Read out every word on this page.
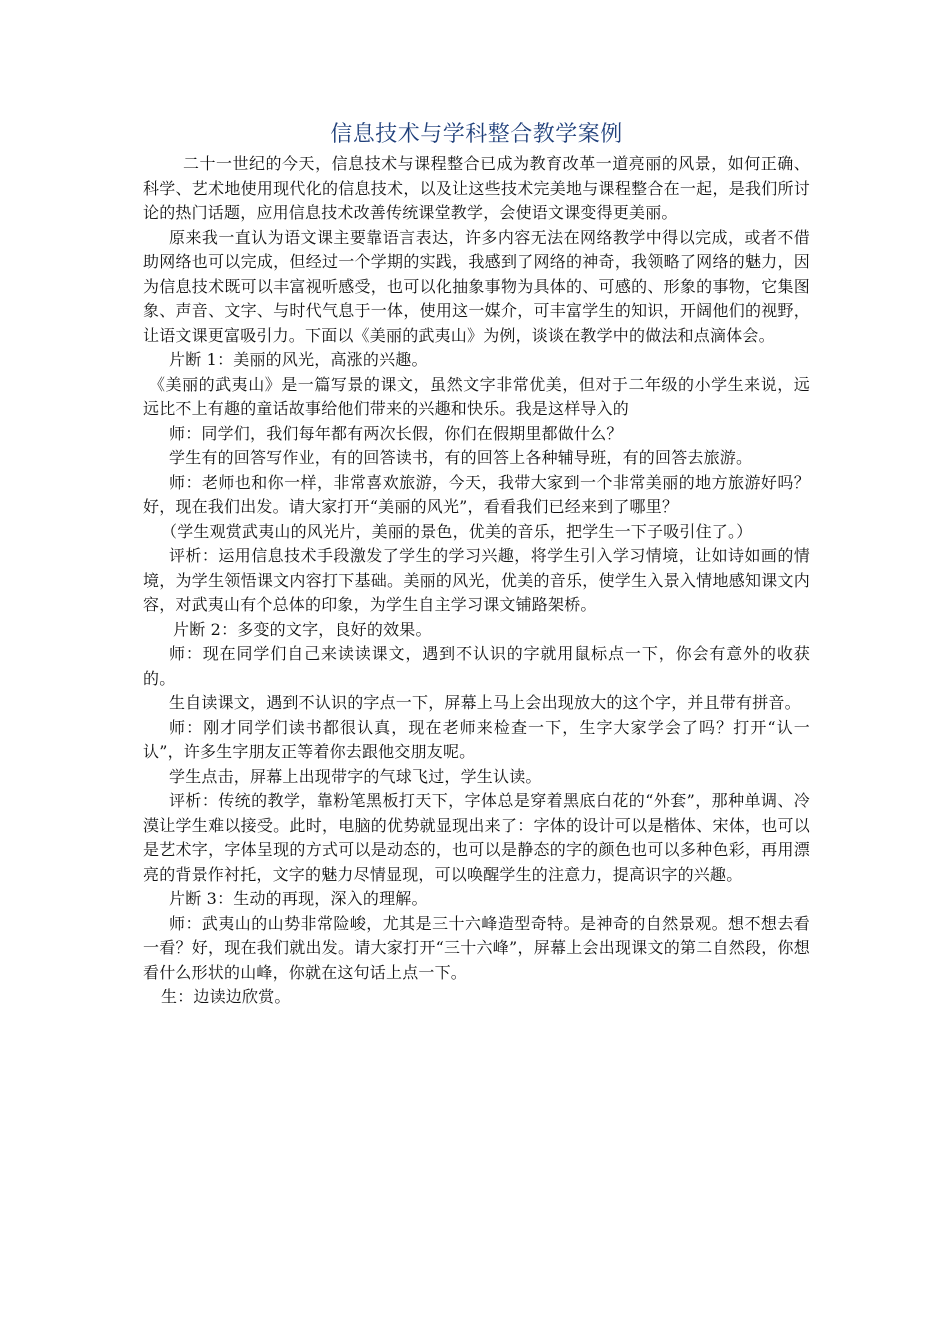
信息技术与学科整合教学案例

二十一世纪的今天，信息技术与课程整合已成为教育改革一道亮丽的风景，如何正确、科学、艺术地使用现代化的信息技术，以及让这些技术完美地与课程整合在一起，是我们所讨论的热门话题，应用信息技术改善传统课堂教学，会使语文课变得更美丽。

原来我一直认为语文课主要靠语言表达，许多内容无法在网络教学中得以完成，或者不借助网络也可以完成，但经过一个学期的实践，我感到了网络的神奇，我领略了网络的魅力，因为信息技术既可以丰富视听感受，也可以化抽象事物为具体的、可感的、形象的事物，它集图象、声音、文字、与时代气息于一体，使用这一媒介，可丰富学生的知识，开阔他们的视野，让语文课更富吸引力。下面以《美丽的武夷山》为例，谈谈在教学中的做法和点滴体会。

片断 1：美丽的风光，高涨的兴趣。

《美丽的武夷山》是一篇写景的课文，虽然文字非常优美，但对于二年级的小学生来说，远远比不上有趣的童话故事给他们带来的兴趣和快乐。我是这样导入的

师：同学们，我们每年都有两次长假，你们在假期里都做什么？

学生有的回答写作业，有的回答读书，有的回答上各种辅导班，有的回答去旅游。

师：老师也和你一样，非常喜欢旅游，今天，我带大家到一个非常美丽的地方旅游好吗？好，现在我们出发。请大家打开“美丽的风光”，看看我们已经来到了哪里？

（学生观赏武夷山的风光片，美丽的景色，优美的音乐，把学生一下子吸引住了。）

评析：运用信息技术手段激发了学生的学习兴趣，将学生引入学习情境，让如诗如画的情境，为学生领悟课文内容打下基础。美丽的风光，优美的音乐，使学生入景入情地感知课文内容，对武夷山有个总体的印象，为学生自主学习课文铺路架桥。

片断 2：多变的文字，良好的效果。

师：现在同学们自己来读读课文，遇到不认识的字就用鼠标点一下，你会有意外的收获的。

生自读课文，遇到不认识的字点一下，屏幕上马上会出现放大的这个字，并且带有拼音。

师：刚才同学们读书都很认真，现在老师来检查一下，生字大家学会了吗？打开“认一认”，许多生字朋友正等着你去跟他交朋友呢。

学生点击，屏幕上出现带字的气球飞过，学生认读。

评析：传统的教学，靠粉笔黑板打天下，字体总是穿着黑底白花的“外套”，那种单调、冷漠让学生难以接受。此时，电脑的优势就显现出来了：字体的设计可以是楷体、宋体，也可以是艺术字，字体呈现的方式可以是动态的，也可以是静态的字的颜色也可以多种色彩，再用漂亮的背景作衬托，文字的魅力尽情显现，可以唤醒学生的注意力，提高识字的兴趣。

片断 3：生动的再现，深入的理解。

师：武夷山的山势非常险峻，尤其是三十六峰造型奇特。是神奇的自然景观。想不想去看一看？好，现在我们就出发。请大家打开“三十六峰”，屏幕上会出现课文的第二自然段，你想看什么形状的山峰，你就在这句话上点一下。

生：边读边欣赏。
